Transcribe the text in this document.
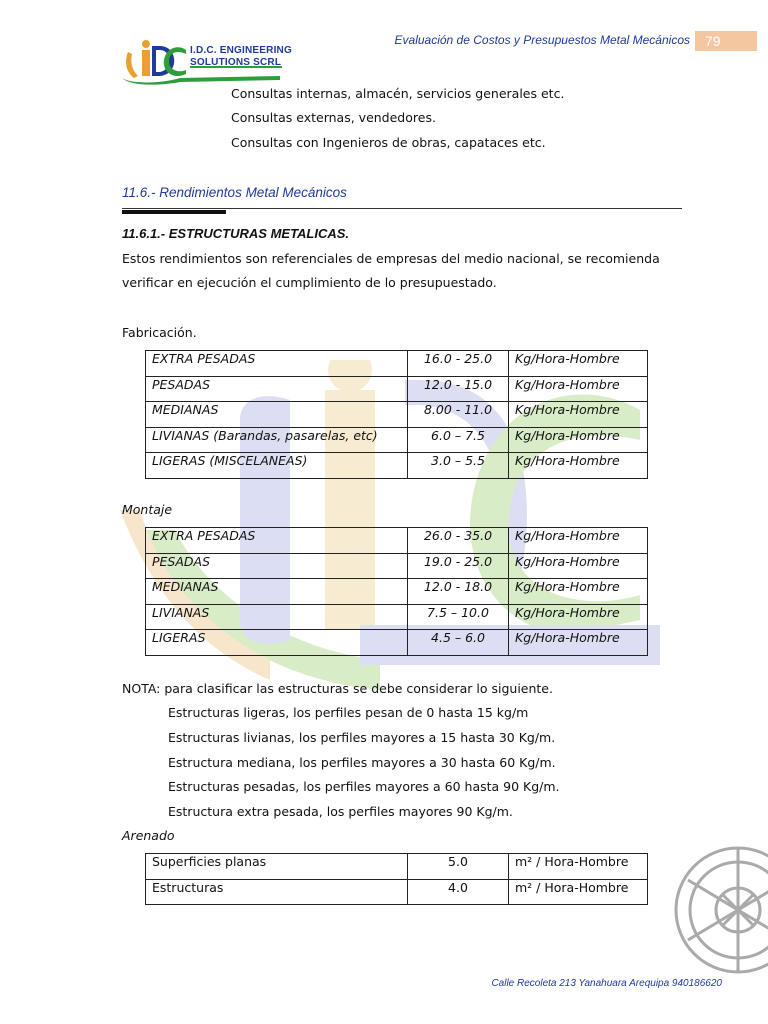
Evaluación de Costos y Presupuestos Metal Mecánicos	79
I.D.C. ENGINEERING
SOLUTIONS SCRL
Consultas internas, almacén, servicios generales etc.
Consultas externas, vendedores.
Consultas con Ingenieros de obras, capataces etc.
11.6.- Rendimientos Metal Mecánicos
11.6.1.- ESTRUCTURAS METALICAS.
Estos rendimientos son referenciales de empresas del medio nacional, se recomienda
verificar en ejecución el cumplimiento de lo presupuestado.
Fabricación.
EXTRA PESADAS	16.0 - 25.0	Kg/Hora-Hombre
PESADAS	12.0 - 15.0	Kg/Hora-Hombre
MEDIANAS	8.00 - 11.0	Kg/Hora-Hombre
LIVIANAS (Barandas, pasarelas, etc)	6.0 – 7.5	Kg/Hora-Hombre
LIGERAS (MISCELANEAS)	3.0 – 5.5	Kg/Hora-Hombre
Montaje
EXTRA PESADAS	26.0 - 35.0	Kg/Hora-Hombre
PESADAS	19.0 - 25.0	Kg/Hora-Hombre
MEDIANAS	12.0 - 18.0	Kg/Hora-Hombre
LIVIANAS	7.5 – 10.0	Kg/Hora-Hombre
LIGERAS	4.5 – 6.0	Kg/Hora-Hombre
NOTA: para clasificar las estructuras se debe considerar lo siguiente.
Estructuras ligeras, los perfiles pesan de 0 hasta 15 kg/m
Estructuras livianas, los perfiles mayores a 15 hasta 30 Kg/m.
Estructura mediana, los perfiles mayores a 30 hasta 60 Kg/m.
Estructuras pesadas, los perfiles mayores a 60 hasta 90 Kg/m.
Estructura extra pesada, los perfiles mayores 90 Kg/m.
Arenado
Superficies planas	5.0	m² / Hora-Hombre
Estructuras	4.0	m² / Hora-Hombre
Calle Recoleta 213 Yanahuara Arequipa 940186620
